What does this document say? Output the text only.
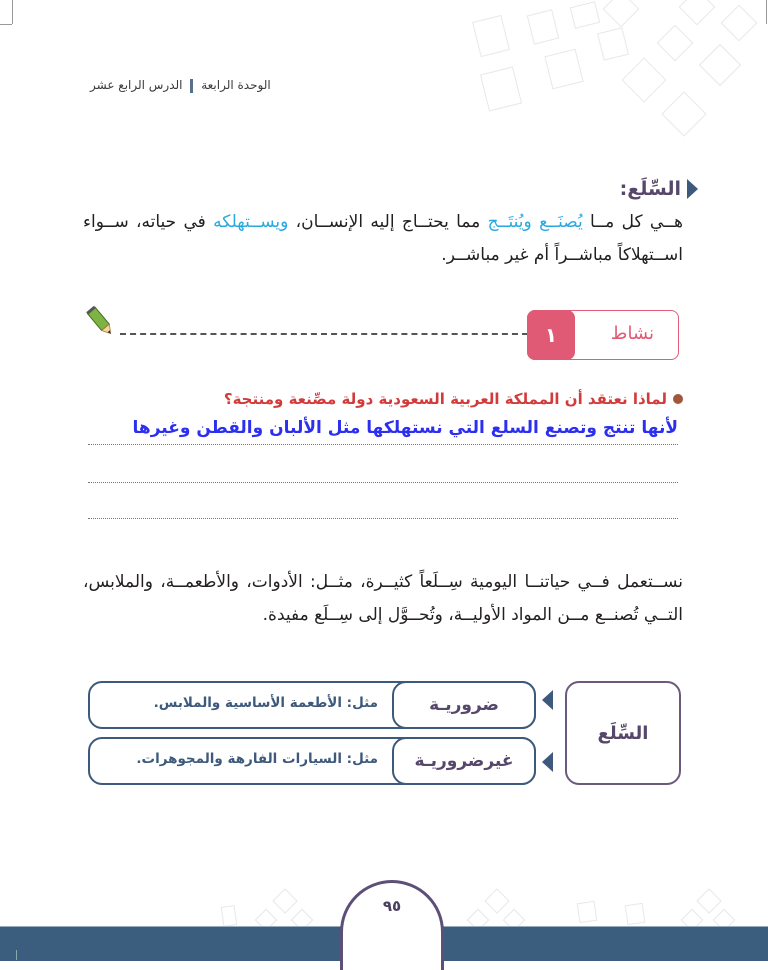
الوحدة الرابعة  الدرس الرابع عشر
السِّلَع:
هــي كل مــا يُصنَــع ويُنتَــج مما يحتــاج إليه الإنســان، ويســتهلكه في حياته، ســواء اســتهلاكاً مباشــراً أم غير مباشــر.
١	نشاط
لماذا نعتقد أن المملكة العربية السعودية دولة مصِّنعة ومنتجة؟
لأنها تنتج وتصنع السلع التي نستهلكها مثل الألبان والقطن وغيرها
نســتعمل فــي حياتنــا اليومية سِــلَعاً كثيــرة، مثــل: الأدوات، والأطعمــة، والملابس، التــي تُصنــع مــن المواد الأوليــة، وتُحــوَّل إلى سِــلَع مفيدة.
السِّلَع
ضروريـة
مثل: الأطعمة الأساسية والملابس.
غيرضروريـة
مثل: السيارات الفارهة والمجوهرات.
٩٥
